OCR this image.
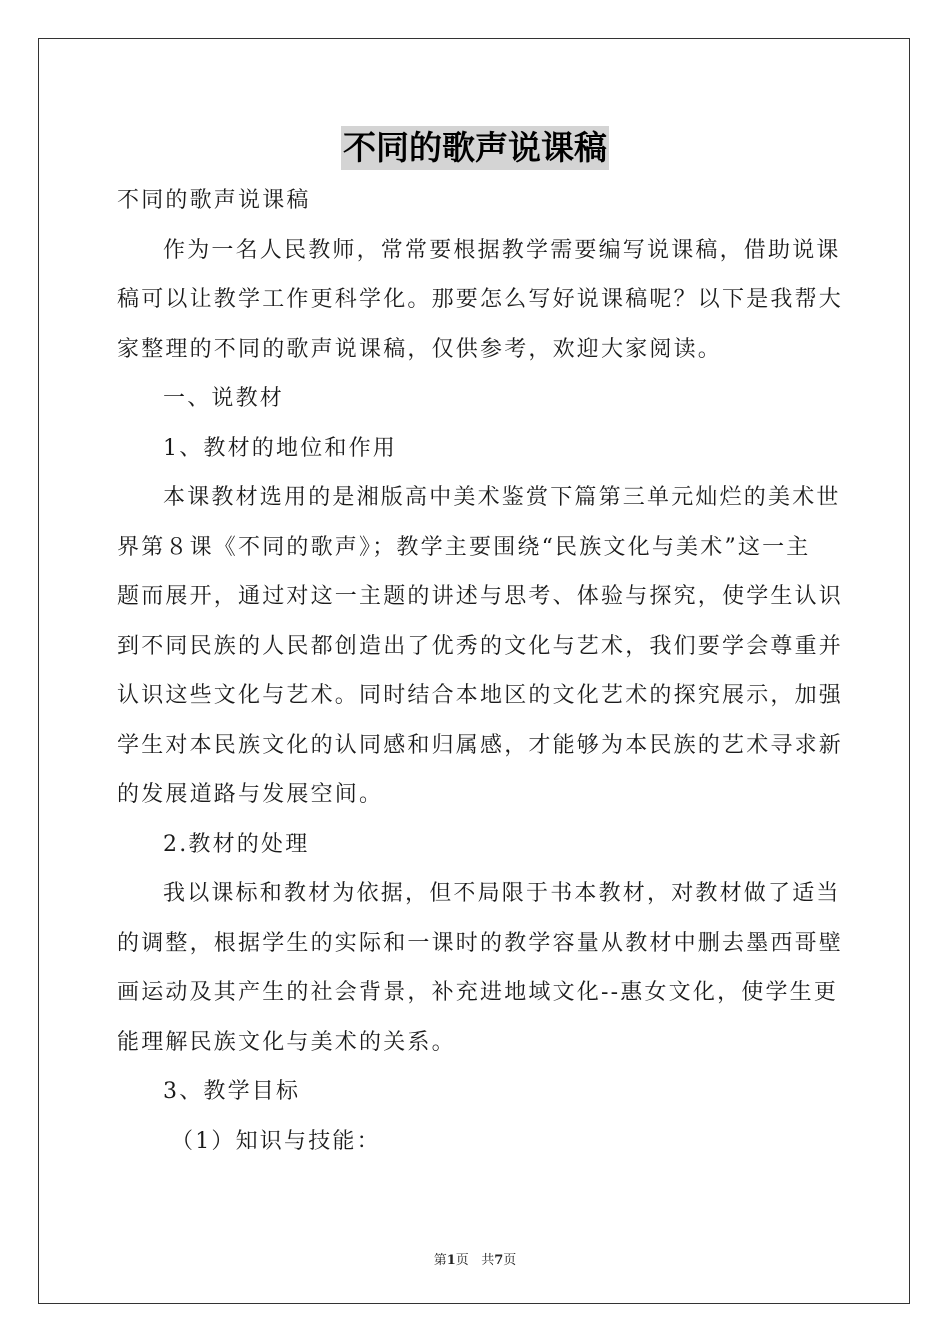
不同的歌声说课稿
不同的歌声说课稿
作为一名人民教师，常常要根据教学需要编写说课稿，借助说课
稿可以让教学工作更科学化。那要怎么写好说课稿呢？以下是我帮大
家整理的不同的歌声说课稿，仅供参考，欢迎大家阅读。
一、说教材
1、教材的地位和作用
本课教材选用的是湘版高中美术鉴赏下篇第三单元灿烂的美术世
界第８课《不同的歌声》；教学主要围绕“民族文化与美术”这一主
题而展开，通过对这一主题的讲述与思考、体验与探究，使学生认识
到不同民族的人民都创造出了优秀的文化与艺术，我们要学会尊重并
认识这些文化与艺术。同时结合本地区的文化艺术的探究展示，加强
学生对本民族文化的认同感和归属感，才能够为本民族的艺术寻求新
的发展道路与发展空间。
2.教材的处理
我以课标和教材为依据，但不局限于书本教材，对教材做了适当
的调整，根据学生的实际和一课时的教学容量从教材中删去墨西哥壁
画运动及其产生的社会背景，补充进地域文化--惠女文化，使学生更
能理解民族文化与美术的关系。
3、教学目标
（1）知识与技能：
第1页 共7页
